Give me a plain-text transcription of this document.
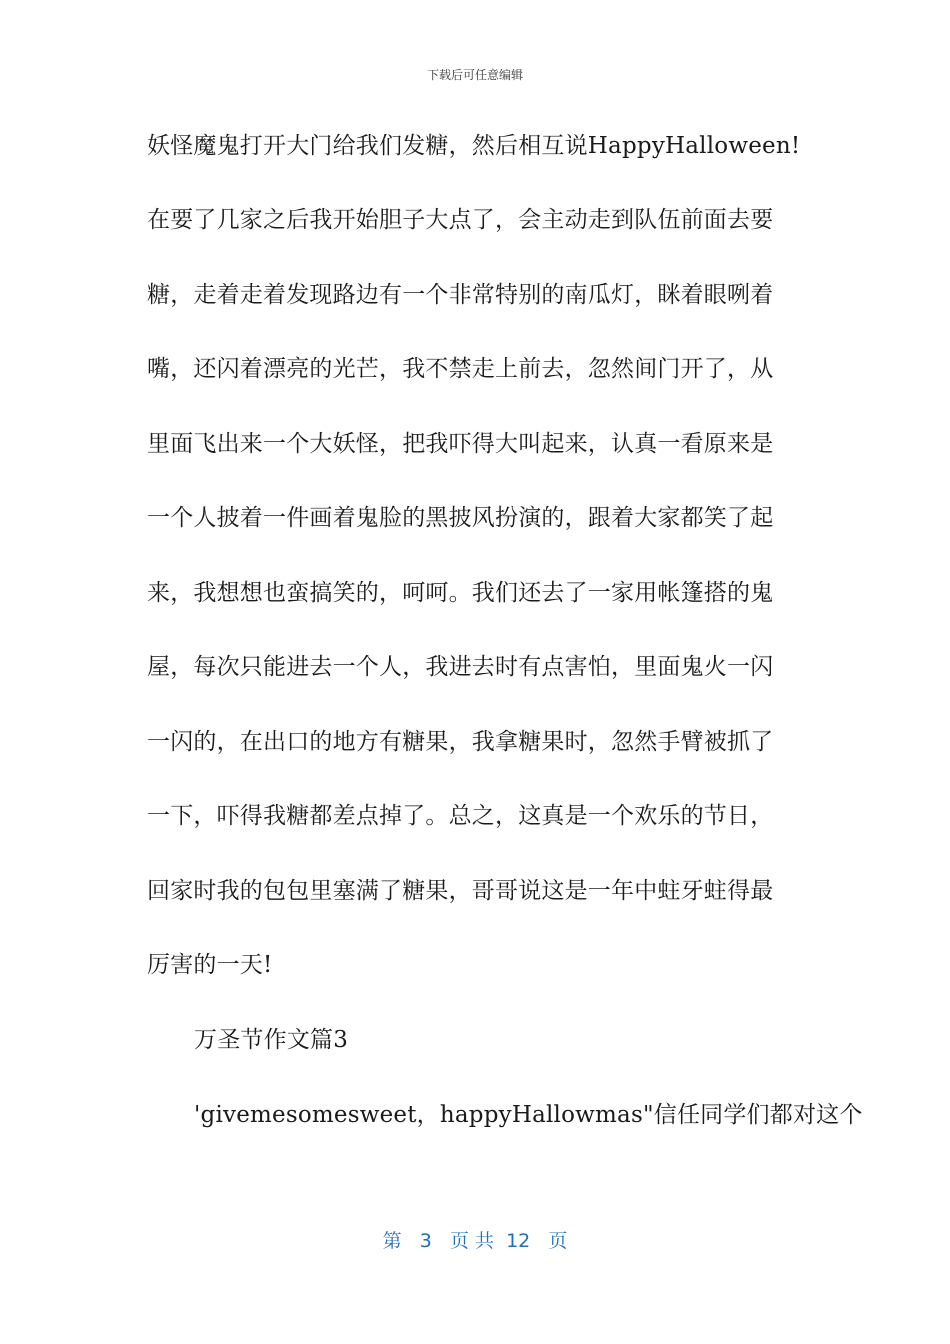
下载后可任意编辑
妖怪魔鬼打开大门给我们发糖，然后相互说HappyHalloween!
在要了几家之后我开始胆子大点了，会主动走到队伍前面去要
糖，走着走着发现路边有一个非常特别的南瓜灯，眯着眼咧着
嘴，还闪着漂亮的光芒，我不禁走上前去，忽然间门开了，从
里面飞出来一个大妖怪，把我吓得大叫起来，认真一看原来是
一个人披着一件画着鬼脸的黑披风扮演的，跟着大家都笑了起
来，我想想也蛮搞笑的，呵呵。我们还去了一家用帐篷搭的鬼
屋，每次只能进去一个人，我进去时有点害怕，里面鬼火一闪
一闪的，在出口的地方有糖果，我拿糖果时，忽然手臂被抓了
一下，吓得我糖都差点掉了。总之，这真是一个欢乐的节日，
回家时我的包包里塞满了糖果，哥哥说这是一年中蛀牙蛀得最
厉害的一天!
万圣节作文篇3
'givemesomesweet，happyHallowmas"信任同学们都对这个
第 3 页 共 12 页
